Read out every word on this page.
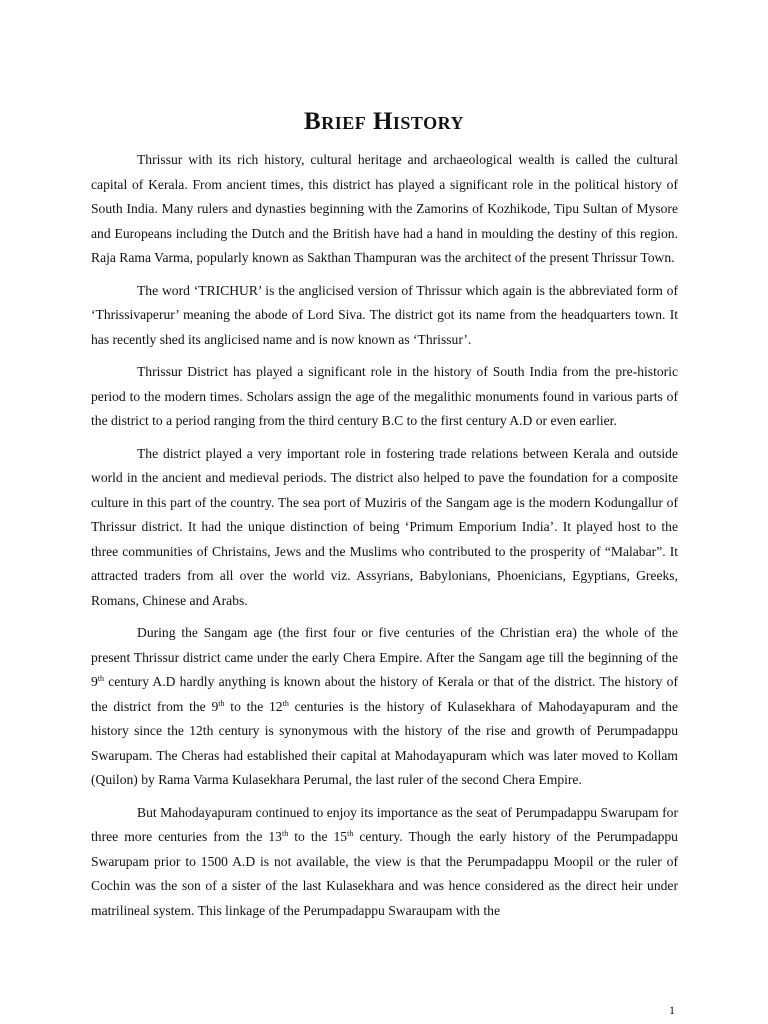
Brief History

Thrissur with its rich history, cultural heritage and archaeological wealth is called the cultural capital of Kerala. From ancient times, this district has played a significant role in the political history of South India. Many rulers and dynasties beginning with the Zamorins of Kozhikode, Tipu Sultan of Mysore and Europeans including the Dutch and the British have had a hand in moulding the destiny of this region. Raja Rama Varma, popularly known as Sakthan Thampuran was the architect of the present Thrissur Town.

The word ‘TRICHUR’ is the anglicised version of Thrissur which again is the abbreviated form of ‘Thrissivaperur’ meaning the abode of Lord Siva. The district got its name from the headquarters town. It has recently shed its anglicised name and is now known as ‘Thrissur’.

Thrissur District has played a significant role in the history of South India from the pre-historic period to the modern times. Scholars assign the age of the megalithic monuments found in various parts of the district to a period ranging from the third century B.C to the first century A.D or even earlier.

The district played a very important role in fostering trade relations between Kerala and outside world in the ancient and medieval periods. The district also helped to pave the foundation for a composite culture in this part of the country. The sea port of Muziris of the Sangam age is the modern Kodungallur of Thrissur district. It had the unique distinction of being ‘Primum Emporium India’. It played host to the three communities of Christains, Jews and the Muslims who contributed to the prosperity of “Malabar”. It attracted traders from all over the world viz. Assyrians, Babylonians, Phoenicians, Egyptians, Greeks, Romans, Chinese and Arabs.

During the Sangam age (the first four or five centuries of the Christian era) the whole of the present Thrissur district came under the early Chera Empire. After the Sangam age till the beginning of the 9th century A.D hardly anything is known about the history of Kerala or that of the district. The history of the district from the 9th to the 12th centuries is the history of Kulasekhara of Mahodayapuram and the history since the 12th century is synonymous with the history of the rise and growth of Perumpadappu Swarupam. The Cheras had established their capital at Mahodayapuram which was later moved to Kollam (Quilon) by Rama Varma Kulasekhara Perumal, the last ruler of the second Chera Empire.

But Mahodayapuram continued to enjoy its importance as the seat of Perumpadappu Swarupam for three more centuries from the 13th to the 15th century. Though the early history of the Perumpadappu Swarupam prior to 1500 A.D is not available, the view is that the Perumpadappu Moopil or the ruler of Cochin was the son of a sister of the last Kulasekhara and was hence considered as the direct heir under matrilineal system. This linkage of the Perumpadappu Swaraupam with the

1
